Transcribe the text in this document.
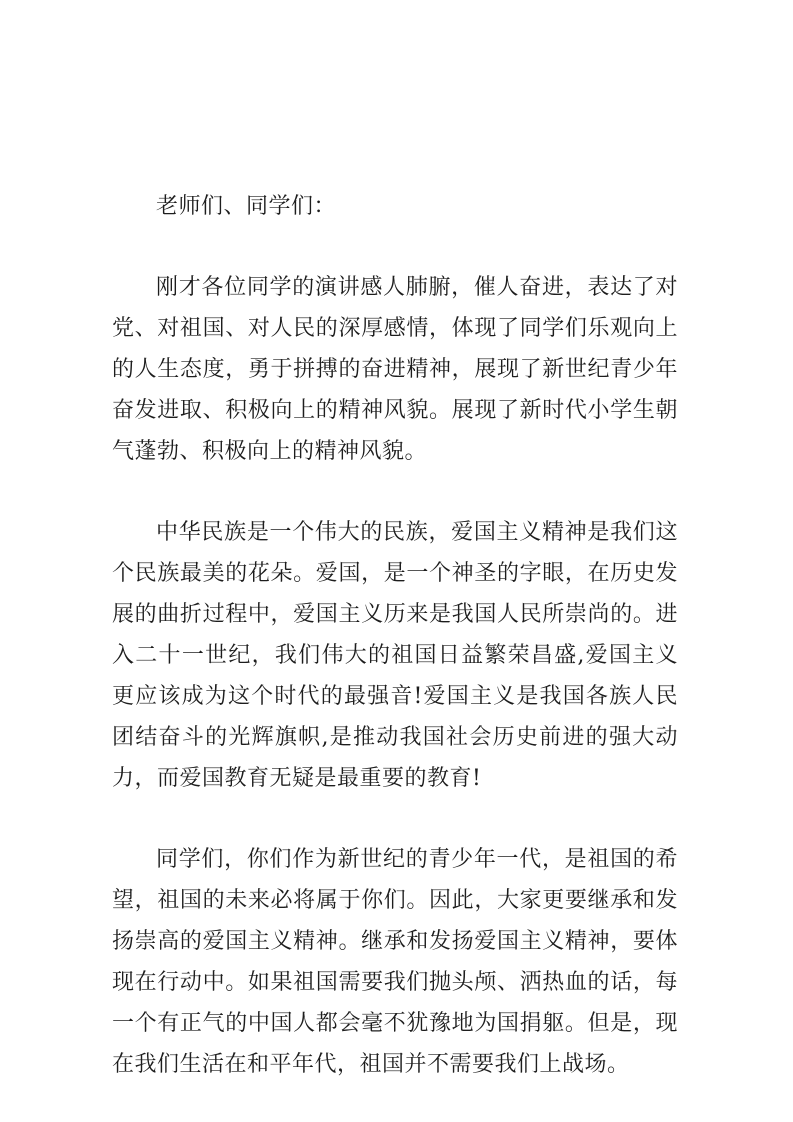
老师们、同学们：

刚才各位同学的演讲感人肺腑，催人奋进，表达了对党、对祖国、对人民的深厚感情，体现了同学们乐观向上的人生态度，勇于拼搏的奋进精神，展现了新世纪青少年奋发进取、积极向上的精神风貌。展现了新时代小学生朝气蓬勃、积极向上的精神风貌。

中华民族是一个伟大的民族，爱国主义精神是我们这个民族最美的花朵。爱国，是一个神圣的字眼，在历史发展的曲折过程中，爱国主义历来是我国人民所崇尚的。进入二十一世纪，我们伟大的祖国日益繁荣昌盛,爱国主义更应该成为这个时代的最强音!爱国主义是我国各族人民团结奋斗的光辉旗帜,是推动我国社会历史前进的强大动力，而爱国教育无疑是最重要的教育!

同学们，你们作为新世纪的青少年一代，是祖国的希望，祖国的未来必将属于你们。因此，大家更要继承和发扬崇高的爱国主义精神。继承和发扬爱国主义精神，要体现在行动中。如果祖国需要我们抛头颅、洒热血的话，每一个有正气的中国人都会毫不犹豫地为国捐躯。但是，现在我们生活在和平年代，祖国并不需要我们上战场。
